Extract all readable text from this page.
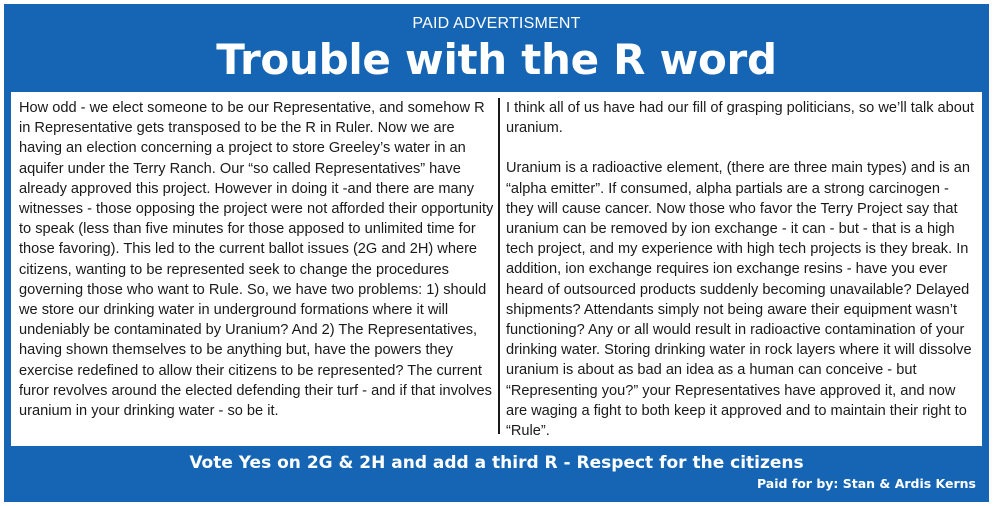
PAID ADVERTISMENT
Trouble with the R word

How odd - we elect someone to be our Representative, and somehow R in Representative gets transposed to be the R in Ruler. Now we are having an election concerning a project to store Greeley’s water in an aquifer under the Terry Ranch. Our “so called Representatives” have already approved this project. However in doing it -and there are many witnesses - those opposing the project were not afforded their opportunity to speak (less than five minutes for those apposed to unlimited time for those favoring). This led to the current ballot issues (2G and 2H) where citizens, wanting to be represented seek to change the procedures governing those who want to Rule. So, we have two problems: 1) should we store our drinking water in underground formations where it will undeniably be contaminated by Uranium? And 2) The Representatives, having shown themselves to be anything but, have the powers they exercise redefined to allow their citizens to be represented? The current furor revolves around the elected defending their turf - and if that involves uranium in your drinking water - so be it.

I think all of us have had our fill of grasping politicians, so we’ll talk about uranium.

Uranium is a radioactive element, (there are three main types) and is an “alpha emitter”. If consumed, alpha partials are a strong carcinogen - they will cause cancer. Now those who favor the Terry Project say that uranium can be removed by ion exchange - it can - but - that is a high tech project, and my experience with high tech projects is they break. In addition, ion exchange requires ion exchange resins - have you ever heard of outsourced products suddenly becoming unavailable? Delayed shipments? Attendants simply not being aware their equipment wasn’t functioning? Any or all would result in radioactive contamination of your drinking water. Storing drinking water in rock layers where it will dissolve uranium is about as bad an idea as a human can conceive - but “Representing you?” your Representatives have approved it, and now are waging a fight to both keep it approved and to maintain their right to “Rule”.

Vote Yes on 2G & 2H and add a third R - Respect for the citizens
Paid for by: Stan & Ardis Kerns
